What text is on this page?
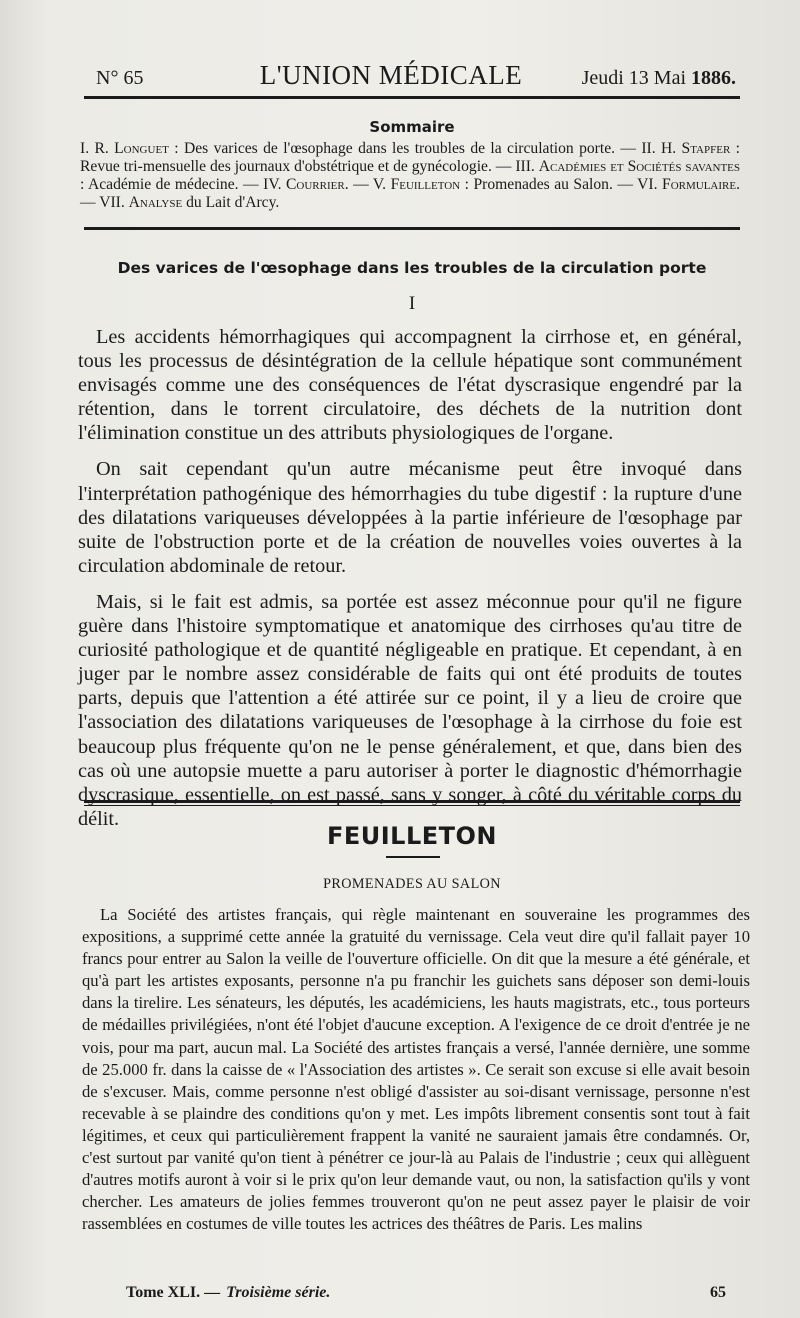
N° 65	L'UNION MÉDICALE	Jeudi 13 Mai 1886.
Sommaire
I. R. Longuet : Des varices de l'œsophage dans les troubles de la circulation porte. — II. H. Stapfer : Revue tri-mensuelle des journaux d'obstétrique et de gynécologie. — III. Académies et Sociétés savantes : Académie de médecine. — IV. Courrier. — V. Feuilleton : Promenades au Salon. — VI. Formulaire. — VII. Analyse du Lait d'Arcy.
Des varices de l'œsophage dans les troubles de la circulation porte
I

Les accidents hémorrhagiques qui accompagnent la cirrhose et, en général, tous les processus de désintégration de la cellule hépatique sont communément envisagés comme une des conséquences de l'état dyscrasique engendré par la rétention, dans le torrent circulatoire, des déchets de la nutrition dont l'élimination constitue un des attributs physiologiques de l'organe.

On sait cependant qu'un autre mécanisme peut être invoqué dans l'interprétation pathogénique des hémorrhagies du tube digestif : la rupture d'une des dilatations variqueuses développées à la partie inférieure de l'œsophage par suite de l'obstruction porte et de la création de nouvelles voies ouvertes à la circulation abdominale de retour.

Mais, si le fait est admis, sa portée est assez méconnue pour qu'il ne figure guère dans l'histoire symptomatique et anatomique des cirrhoses qu'au titre de curiosité pathologique et de quantité négligeable en pratique. Et cependant, à en juger par le nombre assez considérable de faits qui ont été produits de toutes parts, depuis que l'attention a été attirée sur ce point, il y a lieu de croire que l'association des dilatations variqueuses de l'œsophage à la cirrhose du foie est beaucoup plus fréquente qu'on ne le pense généralement, et que, dans bien des cas où une autopsie muette a paru autoriser à porter le diagnostic d'hémorrhagie dyscrasique, essentielle, on est passé, sans y songer, à côté du véritable corps du délit.

FEUILLETON
PROMENADES AU SALON

La Société des artistes français, qui règle maintenant en souveraine les programmes des expositions, a supprimé cette année la gratuité du vernissage. Cela veut dire qu'il fallait payer 10 francs pour entrer au Salon la veille de l'ouverture officielle. On dit que la mesure a été générale, et qu'à part les artistes exposants, personne n'a pu franchir les guichets sans déposer son demi-louis dans la tirelire. Les sénateurs, les députés, les académiciens, les hauts magistrats, etc., tous porteurs de médailles privilégiées, n'ont été l'objet d'aucune exception. A l'exigence de ce droit d'entrée je ne vois, pour ma part, aucun mal. La Société des artistes français a versé, l'année dernière, une somme de 25.000 fr. dans la caisse de « l'Association des artistes ». Ce serait son excuse si elle avait besoin de s'excuser. Mais, comme personne n'est obligé d'assister au soi-disant vernissage, personne n'est recevable à se plaindre des conditions qu'on y met. Les impôts librement consentis sont tout à fait légitimes, et ceux qui particulièrement frappent la vanité ne sauraient jamais être condamnés. Or, c'est surtout par vanité qu'on tient à pénétrer ce jour-là au Palais de l'industrie ; ceux qui allèguent d'autres motifs auront à voir si le prix qu'on leur demande vaut, ou non, la satisfaction qu'ils y vont chercher. Les amateurs de jolies femmes trouveront qu'on ne peut assez payer le plaisir de voir rassemblées en costumes de ville toutes les actrices des théâtres de Paris. Les malins

Tome XLI. — Troisième série.	65
